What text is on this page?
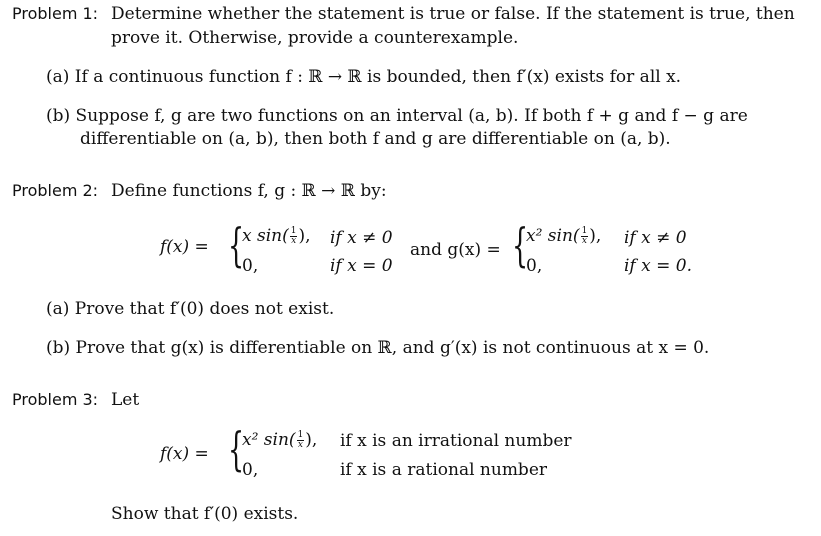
Problem 1: Determine whether the statement is true or false. If the statement is true, then
prove it. Otherwise, provide a counterexample.
(a) If a continuous function f : ℝ → ℝ is bounded, then f′(x) exists for all x.
(b) Suppose f, g are two functions on an interval (a, b). If both f + g and f − g are
differentiable on (a, b), then both f and g are differentiable on (a, b).
Problem 2: Define functions f, g : ℝ → ℝ by:
f(x) = {
x $\sin( \frac{1}{x}$ ), if x ≠ 0
0,	if x = 0
and g(x) = {
x² $\sin( \frac{1}{x}$ ), if x ≠ 0
0,	if x = 0.
(a) Prove that f′(0) does not exist.
(b) Prove that g(x) is differentiable on ℝ, and g′(x) is not continuous at x = 0.
Problem 3: Let
f(x) = {
x² $\sin( \frac{1}{x}$ ), if x is an irrational number
0,	if x is a rational number
Show that f′(0) exists.
